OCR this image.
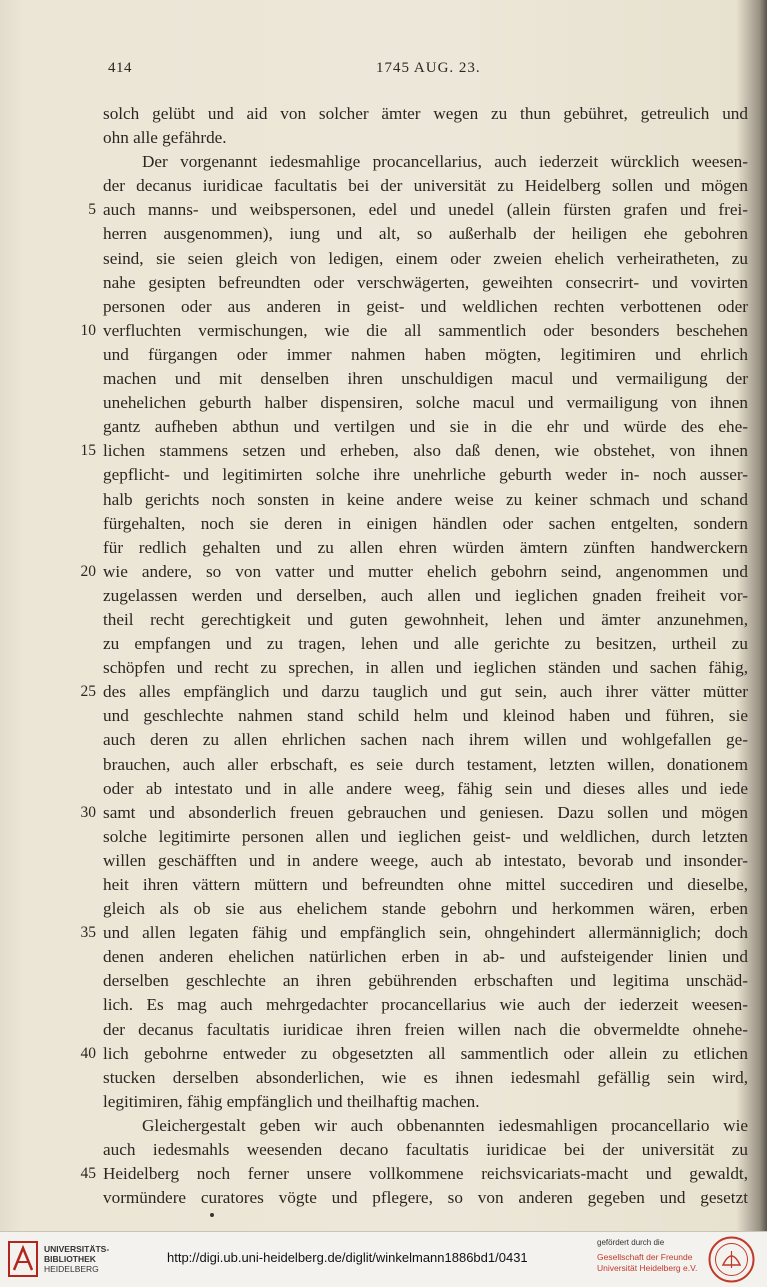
414	1745 AUG. 23.
solch gelübt und aid von solcher ämter wegen zu thun gebühret, getreulich und
ohn alle gefährde.
Der vorgenannt iedesmahlige procancellarius, auch iederzeit würcklich weesen-
der decanus iuridicae facultatis bei der universität zu Heidelberg sollen und mögen
5 auch manns- und weibspersonen, edel und unedel (allein fürsten grafen und frei-
herren ausgenommen), iung und alt, so außerhalb der heiligen ehe gebohren
seind, sie seien gleich von ledigen, einem oder zweien ehelich verheiratheten, zu
nahe gesipten befreundten oder verschwägerten, geweihten consecrirt- und vovirten
personen oder aus anderen in geist- und weldlichen rechten verbottenen oder
10 verfluchten vermischungen, wie die all sammentlich oder besonders beschehen
und fürgangen oder immer nahmen haben mögten, legitimiren und ehrlich
machen und mit denselben ihren unschuldigen macul und vermailigung der
unehelichen geburth halber dispensiren, solche macul und vermailigung von ihnen
gantz aufheben abthun und vertilgen und sie in die ehr und würde des ehe-
15 lichen stammens setzen und erheben, also daß denen, wie obstehet, von ihnen
gepflicht- und legitimirten solche ihre unehrliche geburth weder in- noch ausser-
halb gerichts noch sonsten in keine andere weise zu keiner schmach und schand
fürgehalten, noch sie deren in einigen händlen oder sachen entgelten, sondern
für redlich gehalten und zu allen ehren würden ämtern zünften handwerckern
20 wie andere, so von vatter und mutter ehelich gebohrn seind, angenommen und
zugelassen werden und derselben, auch allen und ieglichen gnaden freiheit vor-
theil recht gerechtigkeit und guten gewohnheit, lehen und ämter anzunehmen,
zu empfangen und zu tragen, lehen und alle gerichte zu besitzen, urtheil zu
schöpfen und recht zu sprechen, in allen und ieglichen ständen und sachen fähig,
25 des alles empfänglich und darzu tauglich und gut sein, auch ihrer vätter mütter
und geschlechte nahmen stand schild helm und kleinod haben und führen, sie
auch deren zu allen ehrlichen sachen nach ihrem willen und wohlgefallen ge-
brauchen, auch aller erbschaft, es seie durch testament, letzten willen, donationem
oder ab intestato und in alle andere weeg, fähig sein und dieses alles und iede
30 samt und absonderlich freuen gebrauchen und geniesen. Dazu sollen und mögen
solche legitimirte personen allen und ieglichen geist- und weldlichen, durch letzten
willen geschäfften und in andere weege, auch ab intestato, bevorab und insonder-
heit ihren vättern müttern und befreundten ohne mittel succediren und dieselbe,
gleich als ob sie aus ehelichem stande gebohrn und herkommen wären, erben
35 und allen legaten fähig und empfänglich sein, ohngehindert allermänniglich; doch
denen anderen ehelichen natürlichen erben in ab- und aufsteigender linien und
derselben geschlechte an ihren gebührenden erbschaften und legitima unschäd-
lich. Es mag auch mehrgedachter procancellarius wie auch der iederzeit weesen-
der decanus facultatis iuridicae ihren freien willen nach die obvermeldte ohnehe-
40 lich gebohrne entweder zu obgesetzten all sammentlich oder allein zu etlichen
stucken derselben absonderlichen, wie es ihnen iedesmahl gefällig sein wird,
legitimiren, fähig empfänglich und theilhaftig machen.
Gleichergestalt geben wir auch obbenannten iedesmahligen procancellario wie
auch iedesmahls weesenden decano facultatis iuridicae bei der universität zu
45 Heidelberg noch ferner unsere vollkommene reichsvicariats-macht und gewaldt,
vormündere curatores vögte und pflegere, so von anderen gegeben und gesetzt
UNIVERSITÄTS-
BIBLIOTHEK
HEIDELBERG
http://digi.ub.uni-heidelberg.de/diglit/winkelmann1886bd1/0431
gefördert durch die
Gesellschaft der Freunde
Universität Heidelberg e.V.
